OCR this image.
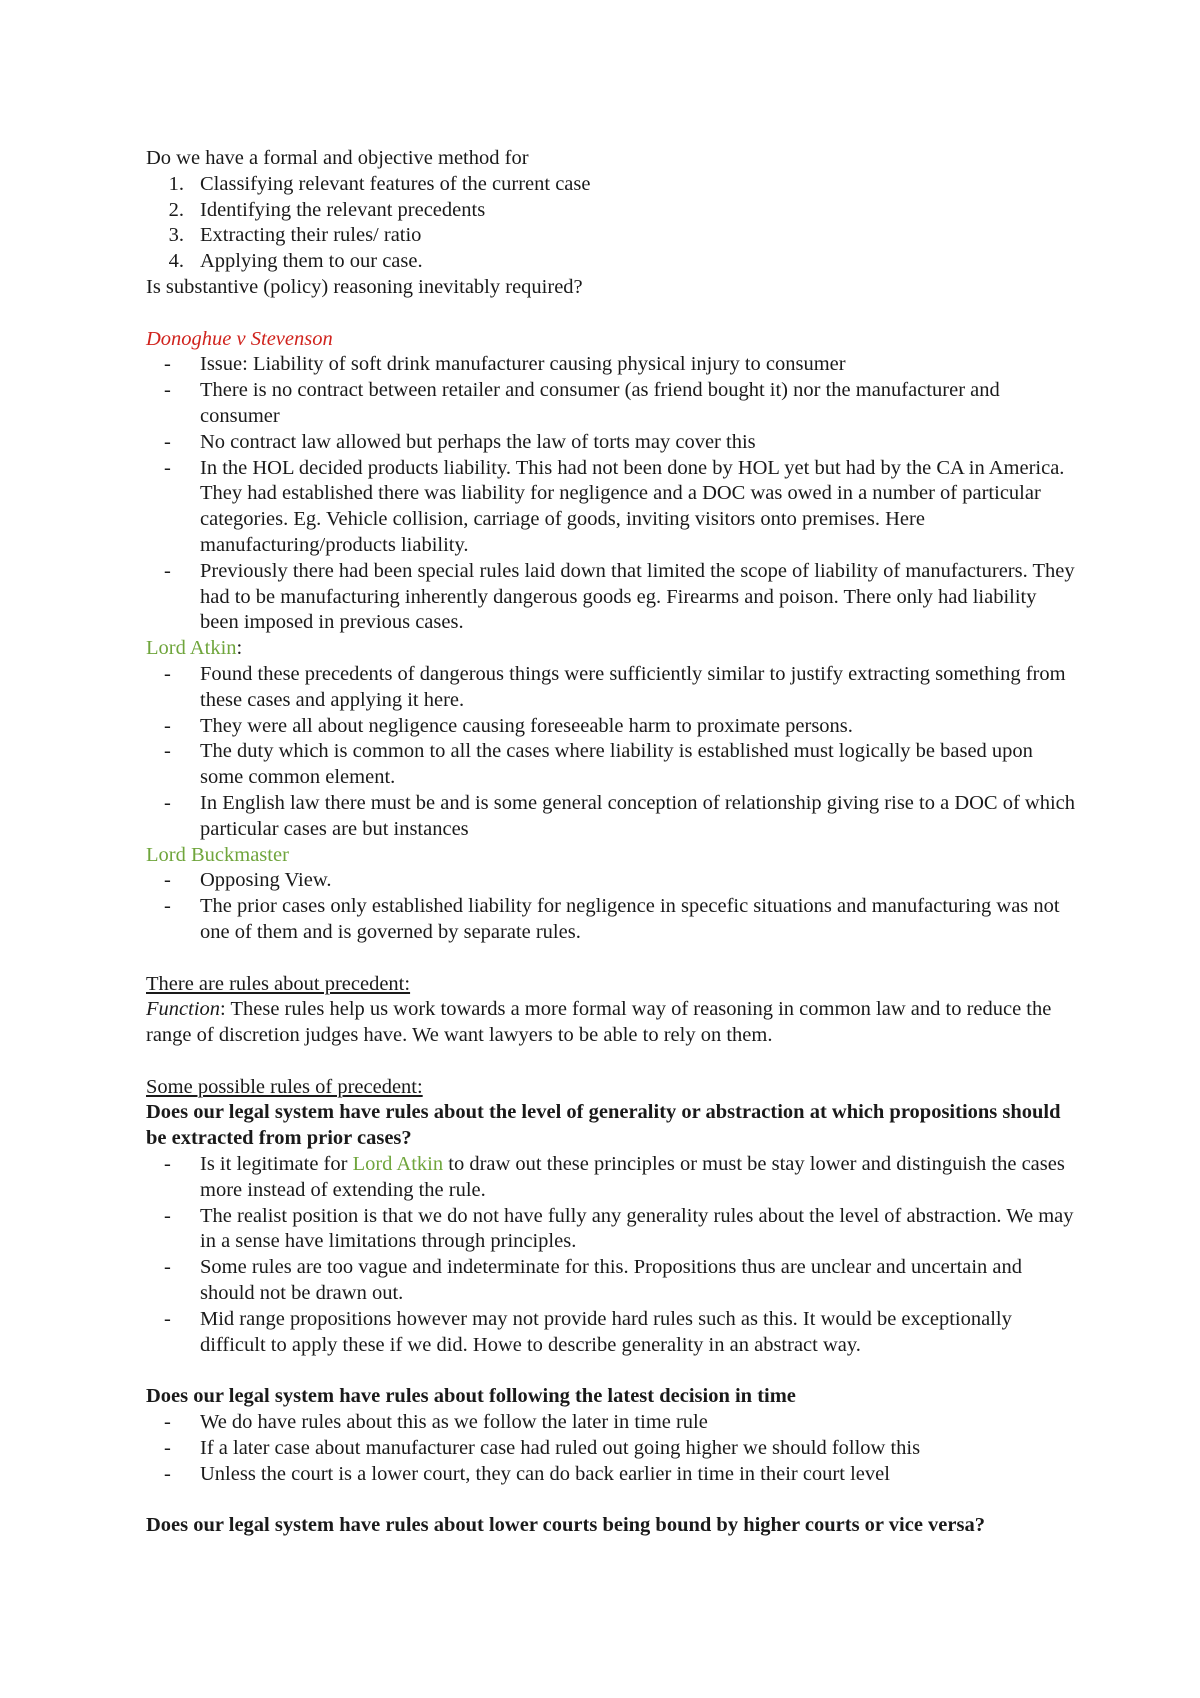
Do we have a formal and objective method for

1. Classifying relevant features of the current case
2. Identifying the relevant precedents
3. Extracting their rules/ ratio
4. Applying them to our case.

Is substantive (policy) reasoning inevitably required?

Donoghue v Stevenson

- Issue: Liability of soft drink manufacturer causing physical injury to consumer
- There is no contract between retailer and consumer (as friend bought it) nor the manufacturer and consumer
- No contract law allowed but perhaps the law of torts may cover this
- In the HOL decided products liability. This had not been done by HOL yet but had by the CA in America. They had established there was liability for negligence and a DOC was owed in a number of particular categories. Eg. Vehicle collision, carriage of goods, inviting visitors onto premises. Here manufacturing/products liability.
- Previously there had been special rules laid down that limited the scope of liability of manufacturers. They had to be manufacturing inherently dangerous goods eg. Firearms and poison. There only had liability been imposed in previous cases.

Lord Atkin:

- Found these precedents of dangerous things were sufficiently similar to justify extracting something from these cases and applying it here.
- They were all about negligence causing foreseeable harm to proximate persons.
- The duty which is common to all the cases where liability is established must logically be based upon some common element.
- In English law there must be and is some general conception of relationship giving rise to a DOC of which particular cases are but instances

Lord Buckmaster

- Opposing View.
- The prior cases only established liability for negligence in specefic situations and manufacturing was not one of them and is governed by separate rules.

There are rules about precedent:

Function: These rules help us work towards a more formal way of reasoning in common law and to reduce the range of discretion judges have. We want lawyers to be able to rely on them.

Some possible rules of precedent:

Does our legal system have rules about the level of generality or abstraction at which propositions should be extracted from prior cases?

- Is it legitimate for Lord Atkin to draw out these principles or must be stay lower and distinguish the cases more instead of extending the rule.
- The realist position is that we do not have fully any generality rules about the level of abstraction. We may in a sense have limitations through principles.
- Some rules are too vague and indeterminate for this. Propositions thus are unclear and uncertain and should not be drawn out.
- Mid range propositions however may not provide hard rules such as this. It would be exceptionally difficult to apply these if we did. Howe to describe generality in an abstract way.

Does our legal system have rules about following the latest decision in time

- We do have rules about this as we follow the later in time rule
- If a later case about manufacturer case had ruled out going higher we should follow this
- Unless the court is a lower court, they can do back earlier in time in their court level

Does our legal system have rules about lower courts being bound by higher courts or vice versa?
